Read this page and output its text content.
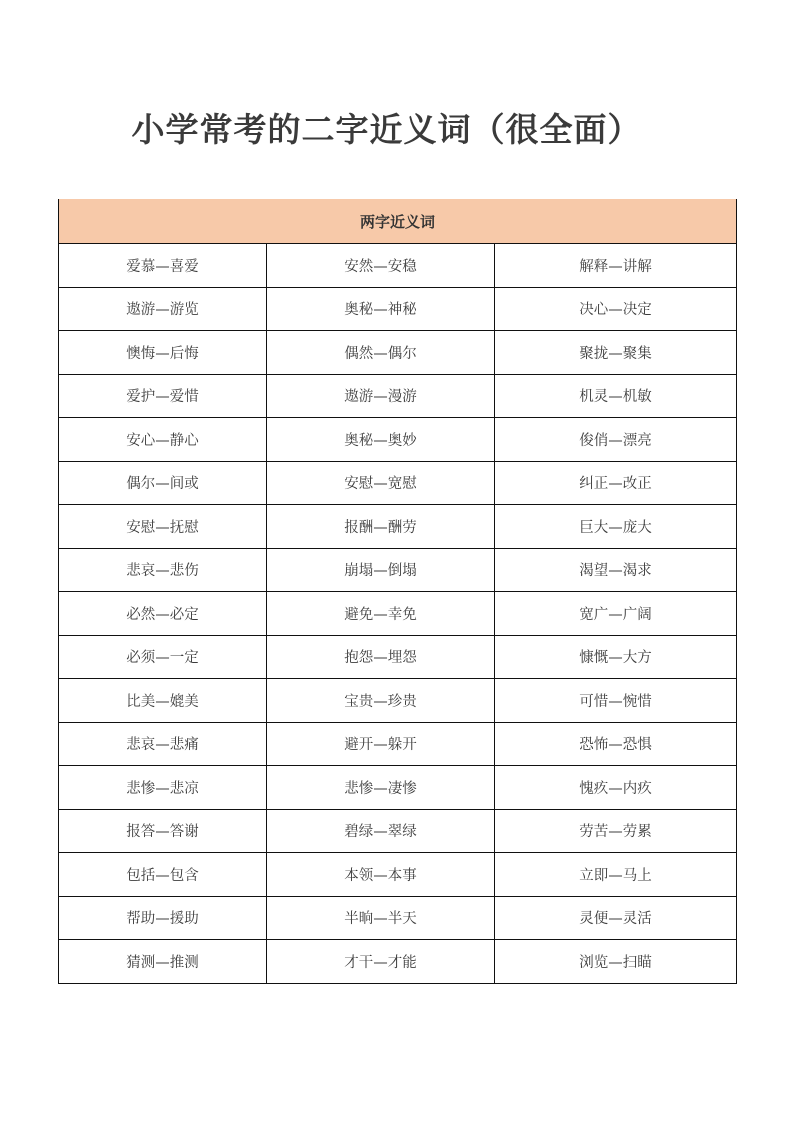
小学常考的二字近义词（很全面）
两字近义词		
爱慕—喜爱	安然—安稳	解释—讲解
遨游—游览	奥秘—神秘	决心—决定
懊悔—后悔	偶然—偶尔	聚拢—聚集
爱护—爱惜	遨游—漫游	机灵—机敏
安心—静心	奥秘—奥妙	俊俏—漂亮
偶尔—间或	安慰—宽慰	纠正—改正
安慰—抚慰	报酬—酬劳	巨大—庞大
悲哀—悲伤	崩塌—倒塌	渴望—渴求
必然—必定	避免—幸免	宽广—广阔
必须—一定	抱怨—埋怨	慷慨—大方
比美—媲美	宝贵—珍贵	可惜—惋惜
悲哀—悲痛	避开—躲开	恐怖—恐惧
悲惨—悲凉	悲惨—凄惨	愧疚—内疚
报答—答谢	碧绿—翠绿	劳苦—劳累
包括—包含	本领—本事	立即—马上
帮助—援助	半晌—半天	灵便—灵活
猜测—推测	才干—才能	浏览—扫瞄
